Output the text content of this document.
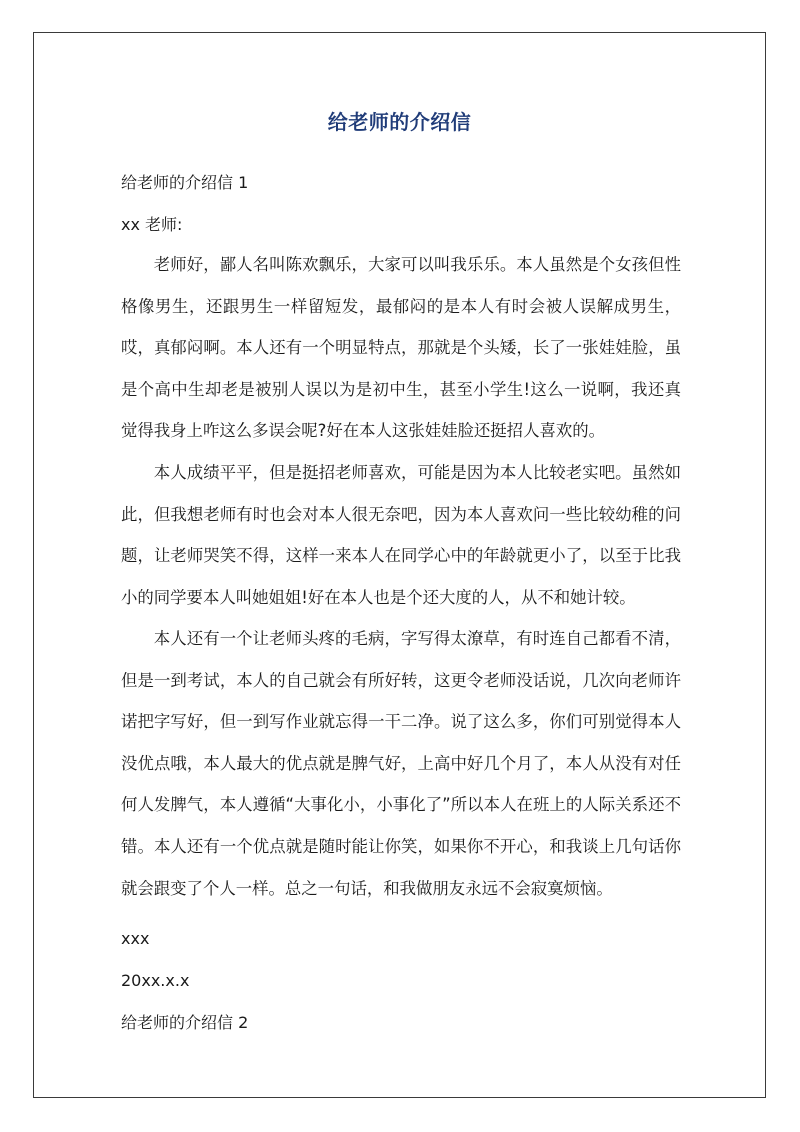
给老师的介绍信
给老师的介绍信 1
xx 老师:

老师好，鄙人名叫陈欢飘乐，大家可以叫我乐乐。本人虽然是个女孩但性格像男生，还跟男生一样留短发，最郁闷的是本人有时会被人误解成男生，哎，真郁闷啊。本人还有一个明显特点，那就是个头矮，长了一张娃娃脸，虽是个高中生却老是被别人误以为是初中生，甚至小学生!这么一说啊，我还真觉得我身上咋这么多误会呢?好在本人这张娃娃脸还挺招人喜欢的。

本人成绩平平，但是挺招老师喜欢，可能是因为本人比较老实吧。虽然如此，但我想老师有时也会对本人很无奈吧，因为本人喜欢问一些比较幼稚的问题，让老师哭笑不得，这样一来本人在同学心中的年龄就更小了，以至于比我小的同学要本人叫她姐姐!好在本人也是个还大度的人，从不和她计较。

本人还有一个让老师头疼的毛病，字写得太潦草，有时连自己都看不清，但是一到考试，本人的自己就会有所好转，这更令老师没话说，几次向老师许诺把字写好，但一到写作业就忘得一干二净。说了这么多，你们可别觉得本人没优点哦，本人最大的优点就是脾气好，上高中好几个月了，本人从没有对任何人发脾气，本人遵循“大事化小，小事化了”所以本人在班上的人际关系还不错。本人还有一个优点就是随时能让你笑，如果你不开心，和我谈上几句话你就会跟变了个人一样。总之一句话，和我做朋友永远不会寂寞烦恼。

xxx
20xx.x.x
给老师的介绍信 2
